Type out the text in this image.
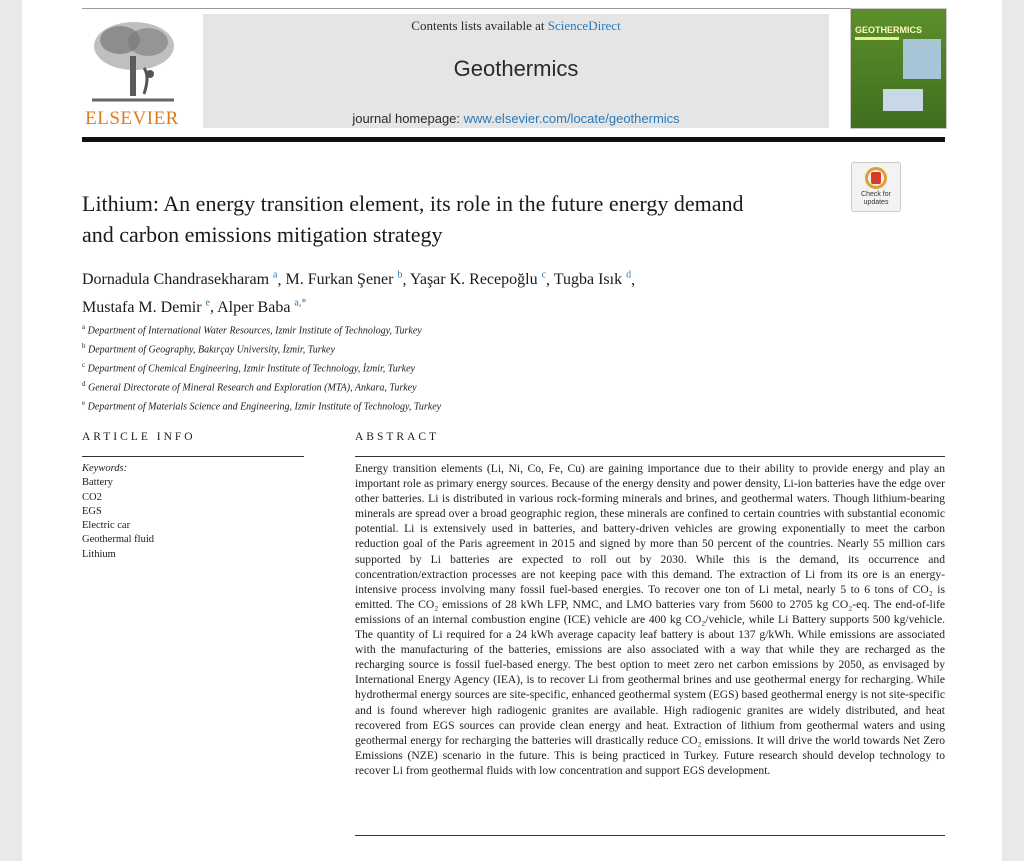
ELSEVIER
Contents lists available at ScienceDirect
Geothermics
journal homepage: www.elsevier.com/locate/geothermics
GEOTHERMICS
Check for
updates
Lithium: An energy transition element, its role in the future energy demand
and carbon emissions mitigation strategy
Dornadula Chandrasekharam $^a$, M. Furkan Şener $^b$, Yaşar K. Recepoğlu $^c$, Tugba Isık $^d$,
Mustafa M. Demir $^e$, Alper Baba $^{a,*}$
$^a$ Department of International Water Resources, Izmir Institute of Technology, Turkey
$^b$ Department of Geography, Bakırçay University, İzmir, Turkey
$^c$ Department of Chemical Engineering, Izmir Institute of Technology, İzmir, Turkey
$^d$ General Directorate of Mineral Research and Exploration (MTA), Ankara, Turkey
$^e$ Department of Materials Science and Engineering, Izmir Institute of Technology, Turkey
ARTICLE INFO	ABSTRACT
Keywords:
Battery
CO2
EGS
Electric car
Geothermal fluid
Lithium
Energy transition elements (Li, Ni, Co, Fe, Cu) are gaining importance due to their ability to provide energy and play an important role as primary energy sources. Because of the energy density and power density, Li-ion batteries have the edge over other batteries. Li is distributed in various rock-forming minerals and brines, and geothermal waters. Though lithium-bearing minerals are spread over a broad geographic region, these minerals are confined to certain countries with substantial economic potential. Li is extensively used in batteries, and battery-driven vehicles are growing exponentially to meet the carbon reduction goal of the Paris agreement in 2015 and signed by more than 50 percent of the countries. Nearly 55 million cars supported by Li batteries are expected to roll out by 2030. While this is the demand, its occurrence and concentration/extraction processes are not keeping pace with this demand. The extraction of Li from its ore is an energy-intensive process involving many fossil fuel-based energies. To recover one ton of Li metal, nearly 5 to 6 tons of CO₂ is emitted. The CO₂ emissions of 28 kWh LFP, NMC, and LMO batteries vary from 5600 to 2705 kg CO₂-eq. The end-of-life emissions of an internal combustion engine (ICE) vehicle are 400 kg CO₂/vehicle, while Li Battery supports 500 kg/vehicle. The quantity of Li required for a 24 kWh average capacity leaf battery is about 137 g/kWh. While emissions are associated with the manufacturing of the batteries, emissions are also associated with a way that while they are recharged as the recharging source is fossil fuel-based energy. The best option to meet zero net carbon emissions by 2050, as envisaged by International Energy Agency (IEA), is to recover Li from geothermal brines and use geothermal energy for recharging. While hydrothermal energy sources are site-specific, enhanced geothermal system (EGS) based geothermal energy is not site-specific and is found wherever high radiogenic granites are available. High radiogenic granites are widely distributed, and heat recovered from EGS sources can provide clean energy and heat. Extraction of lithium from geothermal waters and using geothermal energy for recharging the batteries will drastically reduce CO₂ emissions. It will drive the world towards Net Zero Emissions (NZE) scenario in the future. This is being practiced in Turkey. Future research should develop technology to recover Li from geothermal fluids with low concentration and support EGS development.
